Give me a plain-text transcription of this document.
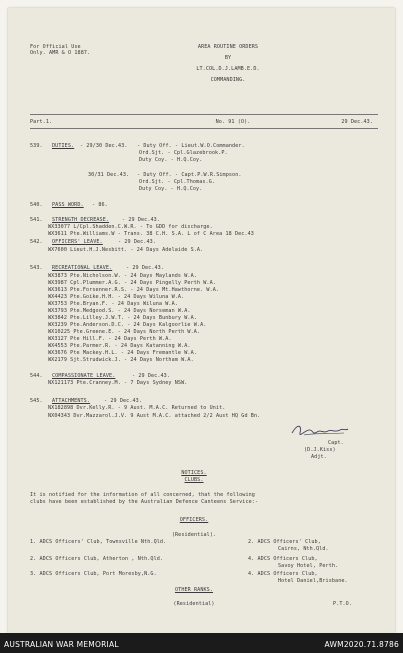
For Official Use
Only. AMR & O 1887.
AREA ROUTINE ORDERS
BY
LT.COL.D.J.LAMB.E.D.
COMMANDING.
Part.1.	No. 91 (O).	29 Dec.43.
539. DUTIES. - 29/30 Dec.43. - Duty Off. - Lieut.W.O.Commander.
Ord.Sjt. - Cpl.Glazebrook.P.
Duty Coy. - H.Q.Coy.
30/31 Dec.43. - Duty Off. - Capt.P.W.R.Simpson.
Ord.Sjt. - Cpl.Thomas.G.
Duty Coy. - H.Q.Coy.
540. PASS WORD. - 86.
541. STRENGTH DECREASE.	- 29 Dec.43.
WX33077 L/Cpl.Shadden.C.W.R. - To GDD for discharge.
WX3611 Pte.Williams.W - Trans. 38 C.H. S.A. L of C Area 18 Dec.43
542. OFFICERS' LEAVE.	- 29 Dec.43.
WX7600 Lieut.H.J.Nesbitt. - 24 Days Adelaide S.A.
543. RECREATIONAL LEAVE.	- 29 Dec.43.
WX3873 Pte.Nicholson.W. - 24 Days Maylands W.A.
WX3987 Cpl.Plummer.A.G. - 24 Days Pingelly Perth W.A.
WX3613 Pte.Forsenner.R.S. - 24 Days Mt.Hawthorne. W.A.
WX4423 Pte.Goike.H.H. - 24 Days Wiluna W.A.
WX3753 Pte.Bryan.F. - 24 Days Wiluna W.A.
WX3793 Pte.Medgood.S. - 24 Days Norseman W.A.
WX3842 Pte.Lilley.J.W.T. - 24 Days Bunbury W.A.
WX3239 Pte.Anderson.D.C. - 24 Days Kalgoorlie W.A.
WX10225 Pte.Greene.E. - 24 Days North Perth W.A.
WX3127 Pte Hill.F. - 24 Days Perth W.A.
WX4553 Pte.Parmer.R. - 24 Days Katanning W.A.
WX3676 Pte Mackey.H.L. - 24 Days Fremantle W.A.
WX2179 Sjt.Strudwick.J. - 24 Days Northam W.A.
544. COMPASSIONATE LEAVE.	- 29 Dec.43.
NX121173 Pte.Cranney.M. - 7 Days Sydney NSW.
545. ATTACHMENTS.	- 29 Dec.43.
NX182898 Dvr.Kelly.R. - 9 Aust. M.A.C. Returned to Unit.
NX04343 Dvr.Mazzarol.J.V. 9 Aust M.A.C. attached 2/2 Aust HQ Gd Bn.
Capt.
(D.J.Kiss)
Adjt.
NOTICES.
CLUBS.
It is notified for the information of all concerned, that the following
clubs have been established by the Australian Defence Canteens Service:-
OFFICERS.
(Residential).
1. ADCS Officers' Club, Townsville Nth.Qld.
2. ADCS Officers Club, Atherton , Nth.Qld.
3. ADCS Officers Club, Port Moresby,N.G.
2. ADCS Officers' Club,
Cairns, Nth.Qld.
4. ADCS Officers Club,
Savoy Hotel, Perth.
4. ADCS Officers Club,
Hotel Daniel,Brisbane.
OTHER RANKS.
(Residential)	P.T.O.
AUSTRALIAN WAR MEMORIAL	AWM2020.71.8786
